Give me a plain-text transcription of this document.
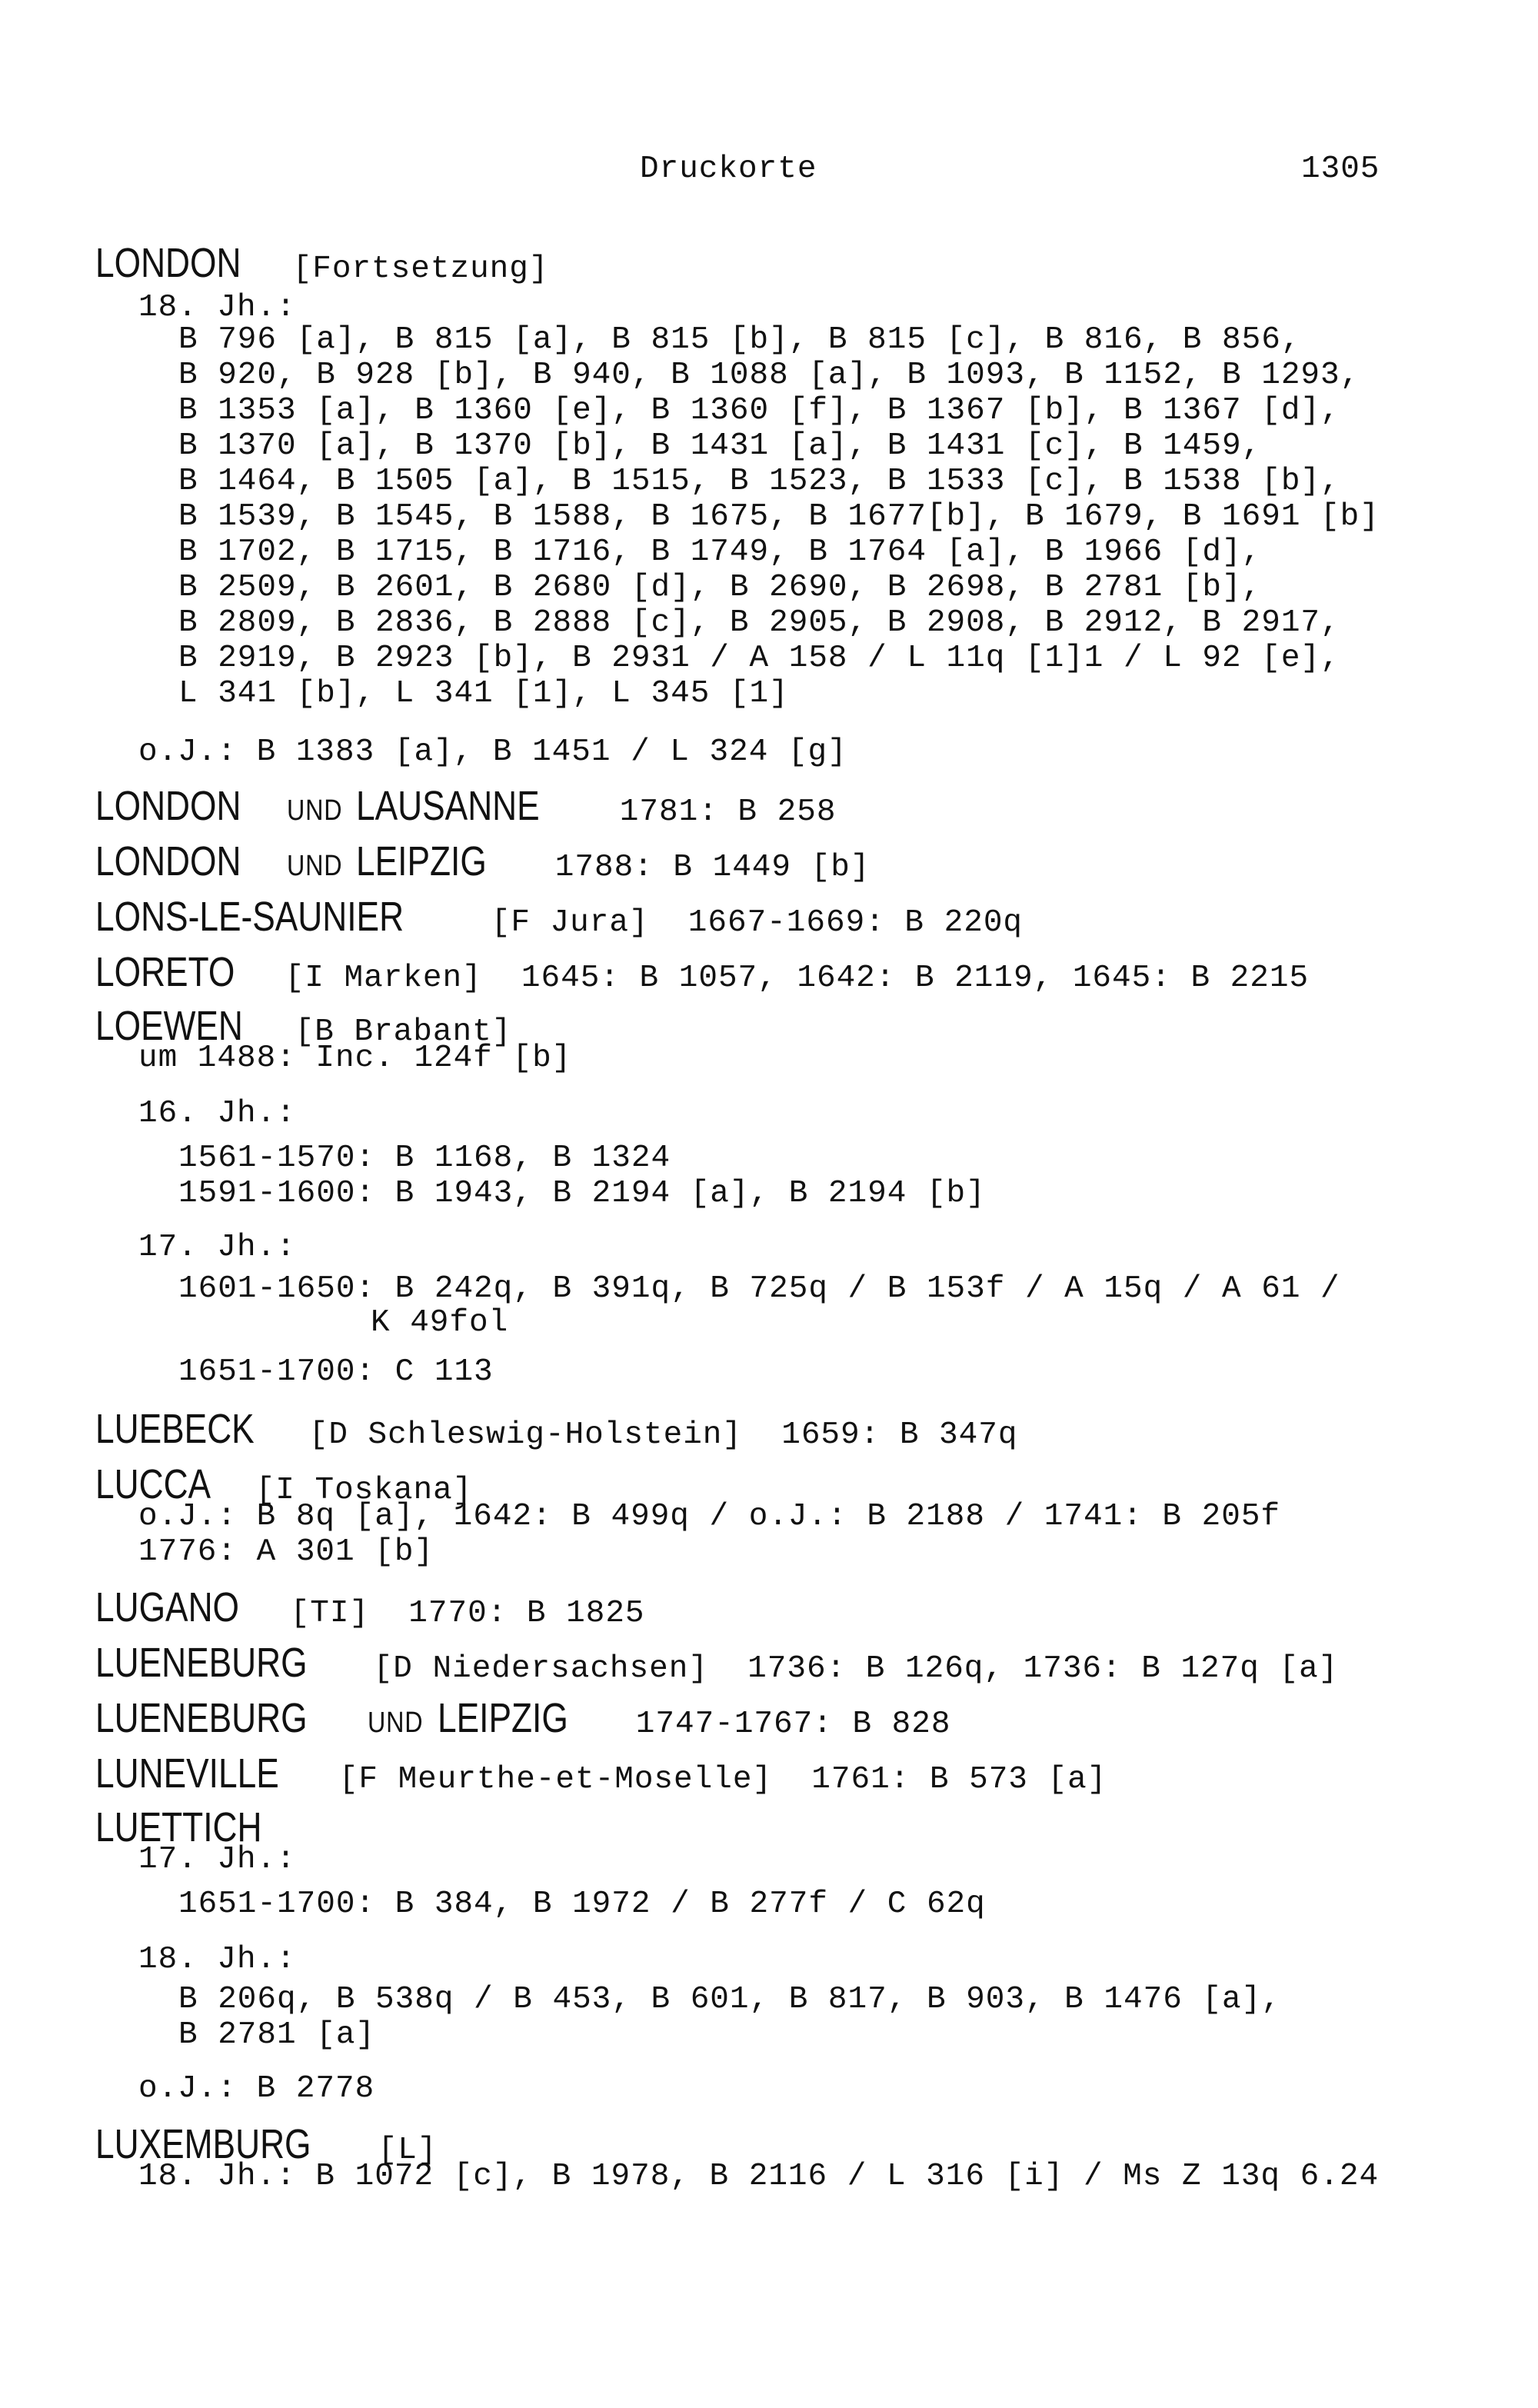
Druckorte	1305
LONDON [Fortsetzung]
18. Jh.:
B 796 [a], B 815 [a], B 815 [b], B 815 [c], B 816, B 856,
B 920, B 928 [b], B 940, B 1088 [a], B 1093, B 1152, B 1293,
B 1353 [a], B 1360 [e], B 1360 [f], B 1367 [b], B 1367 [d],
B 1370 [a], B 1370 [b], B 1431 [a], B 1431 [c], B 1459,
B 1464, B 1505 [a], B 1515, B 1523, B 1533 [c], B 1538 [b],
B 1539, B 1545, B 1588, B 1675, B 1677[b], B 1679, B 1691 [b]
B 1702, B 1715, B 1716, B 1749, B 1764 [a], B 1966 [d],
B 2509, B 2601, B 2680 [d], B 2690, B 2698, B 2781 [b],
B 2809, B 2836, B 2888 [c], B 2905, B 2908, B 2912, B 2917,
B 2919, B 2923 [b], B 2931 / A 158 / L 11q [1]1 / L 92 [e],
L 341 [b], L 341 [1], L 345 [1]
o.J.: B 1383 [a], B 1451 / L 324 [g]
LONDON UND LAUSANNE  1781: B 258
LONDON UND LEIPZIG  1788: B 1449 [b]
LONS-LE-SAUNIER [F Jura]  1667-1669: B 220q
LORETO [I Marken]  1645: B 1057, 1642: B 2119, 1645: B 2215
LOEWEN [B Brabant]
um 1488: Inc. 124f [b]
16. Jh.:
1561-1570: B 1168, B 1324
1591-1600: B 1943, B 2194 [a], B 2194 [b]
17. Jh.:
1601-1650: B 242q, B 391q, B 725q / B 153f / A 15q / A 61 /
K 49fol
1651-1700: C 113
LUEBECK [D Schleswig-Holstein]  1659: B 347q
LUCCA [I Toskana]
o.J.: B 8q [a], 1642: B 499q / o.J.: B 2188 / 1741: B 205f
1776: A 301 [b]
LUGANO [TI]  1770: B 1825
LUENEBURG [D Niedersachsen]  1736: B 126q, 1736: B 127q [a]
LUENEBURG UND LEIPZIG  1747-1767: B 828
LUNEVILLE [F Meurthe-et-Moselle]  1761: B 573 [a]
LUETTICH
17. Jh.:
1651-1700: B 384, B 1972 / B 277f / C 62q
18. Jh.:
B 206q, B 538q / B 453, B 601, B 817, B 903, B 1476 [a],
B 2781 [a]
o.J.: B 2778
LUXEMBURG [L]
18. Jh.: B 1072 [c], B 1978, B 2116 / L 316 [i] / Ms Z 13q 6.24
